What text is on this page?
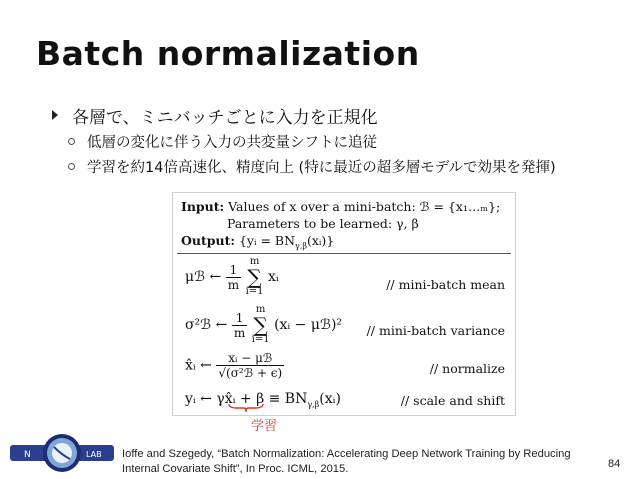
Batch normalization
各層で、ミニバッチごとに入力を正規化
低層の変化に伴う入力の共変量シフトに追従
学習を約14倍高速化、精度向上 (特に最近の超多層モデルで効果を発揮)
Input: Values of x over a mini-batch: ℬ = {x₁…ₘ};
Parameters to be learned: γ, β
Output: {yᵢ = $BN_{\gamma,\beta}(xᵢ)$}
μℬ ← $\frac{1}{m}$
m
∑
i=1 xᵢ	// mini-batch mean
σ²ℬ ← $\frac{1}{m}$
m
∑
i=1 (xᵢ − μℬ)² // mini-batch variance
x̂ᵢ ← $\frac{\text{xᵢ − μℬ}}{\text{√(σ²ℬ + ϵ)}}$	// normalize
yᵢ ← γx̂ᵢ + $\beta \equiv BN_{\gamma,\beta}(xᵢ)$	// scale and shift
学習
N	LAB Ioffe and Szegedy, “Batch Normalization: Accelerating Deep Network Training by Reducing
Internal Covariate Shift”, In Proc. ICML, 2015.	84
